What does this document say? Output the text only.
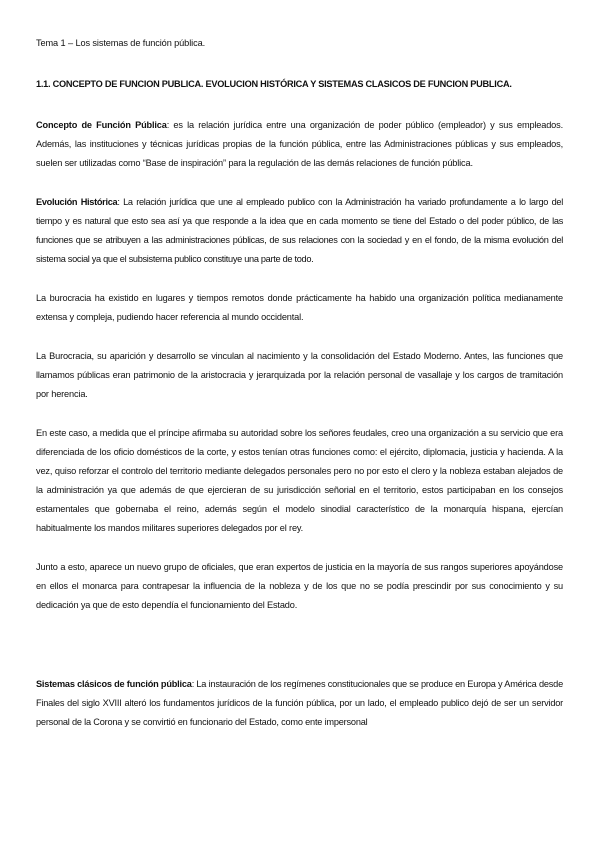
Tema 1 – Los sistemas de función pública.

1.1. CONCEPTO DE FUNCION PUBLICA. EVOLUCION HISTÓRICA Y SISTEMAS CLASICOS DE FUNCION PUBLICA.

Concepto de Función Pública: es la relación jurídica entre una organización de poder público (empleador) y sus empleados. Además, las instituciones y técnicas jurídicas propias de la función pública, entre las Administraciones públicas y sus empleados, suelen ser utilizadas como “Base de inspiración” para la regulación de las demás relaciones de función pública.

Evolución Histórica: La relación jurídica que une al empleado publico con la Administración ha variado profundamente a lo largo del tiempo y es natural que esto sea así ya que responde a la idea que en cada momento se tiene del Estado o del poder público, de las funciones que se atribuyen a las administraciones públicas, de sus relaciones con la sociedad y en el fondo, de la misma evolución del sistema social ya que el subsistema publico constituye una parte de todo.

La burocracia ha existido en lugares y tiempos remotos donde prácticamente ha habido una organización política medianamente extensa y compleja, pudiendo hacer referencia al mundo occidental.

La Burocracia, su aparición y desarrollo se vinculan al nacimiento y la consolidación del Estado Moderno. Antes, las funciones que llamamos públicas eran patrimonio de la aristocracia y jerarquizada por la relación personal de vasallaje y los cargos de tramitación por herencia.

En este caso, a medida que el príncipe afirmaba su autoridad sobre los señores feudales, creo una organización a su servicio que era diferenciada de los oficio domésticos de la corte, y estos tenían otras funciones como: el ejército, diplomacia, justicia y hacienda. A la vez, quiso reforzar el controlo del territorio mediante delegados personales pero no por esto el clero y la nobleza estaban alejados de la administración ya que además de que ejercieran de su jurisdicción señorial en el territorio, estos participaban en los consejos estamentales que gobernaba el reino, además según el modelo sinodial característico de la monarquía hispana, ejercían habitualmente los mandos militares superiores delegados por el rey.

Junto a esto, aparece un nuevo grupo de oficiales, que eran expertos de justicia en la mayoría de sus rangos superiores apoyándose en ellos el monarca para contrapesar la influencia de la nobleza y de los que no se podía prescindir por sus conocimiento y su dedicación ya que de esto dependía el funcionamiento del Estado.

Sistemas clásicos de función pública: La instauración de los regímenes constitucionales que se produce en Europa y América desde Finales del siglo XVIII alteró los fundamentos jurídicos de la función pública, por un lado, el empleado publico dejó de ser un servidor personal de la Corona y se convirtió en funcionario del Estado, como ente impersonal
